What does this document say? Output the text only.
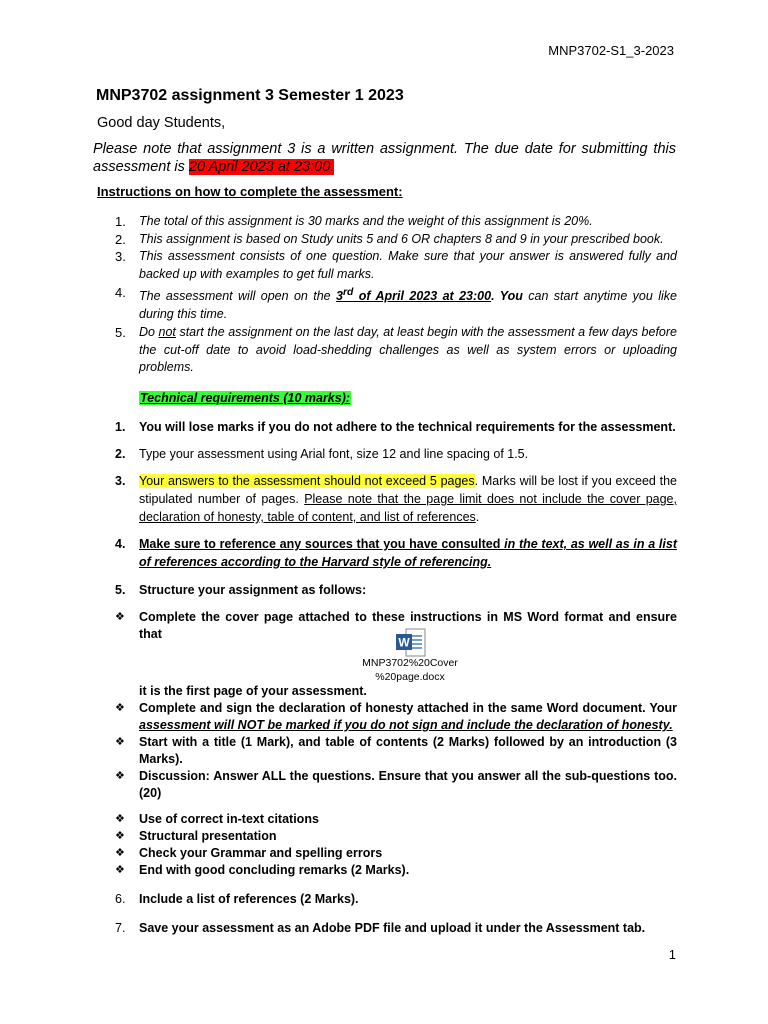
MNP3702-S1_3-2023
MNP3702 assignment 3 Semester 1 2023
Good day Students,
Please note that assignment 3 is a written assignment. The due date for submitting this assessment is 20 April 2023 at 23:00.
Instructions on how to complete the assessment:
1. The total of this assignment is 30 marks and the weight of this assignment is 20%.
2. This assignment is based on Study units 5 and 6 OR chapters 8 and 9 in your prescribed book.
3. This assessment consists of one question. Make sure that your answer is answered fully and backed up with examples to get full marks.
4. The assessment will open on the 3rd of April 2023 at 23:00. You can start anytime you like during this time.
5. Do not start the assignment on the last day, at least begin with the assessment a few days before the cut-off date to avoid load-shedding challenges as well as system errors or uploading problems.
Technical requirements (10 marks):
1. You will lose marks if you do not adhere to the technical requirements for the assessment.
2. Type your assessment using Arial font, size 12 and line spacing of 1.5.
3. Your answers to the assessment should not exceed 5 pages. Marks will be lost if you exceed the stipulated number of pages. Please note that the page limit does not include the cover page, declaration of honesty, table of content, and list of references.
4. Make sure to reference any sources that you have consulted in the text, as well as in a list of references according to the Harvard style of referencing.
5. Structure your assignment as follows:
❖ Complete the cover page attached to these instructions in MS Word format and ensure that
it is the first page of your assessment.
❖ Complete and sign the declaration of honesty attached in the same Word document. Your assessment will NOT be marked if you do not sign and include the declaration of honesty.
❖ Start with a title (1 Mark), and table of contents (2 Marks) followed by an introduction (3 Marks).
❖ Discussion: Answer ALL the questions. Ensure that you answer all the sub-questions too. (20)
❖ Use of correct in-text citations
❖ Structural presentation
❖ Check your Grammar and spelling errors
❖ End with good concluding remarks (2 Marks).
6. Include a list of references (2 Marks).
7. Save your assessment as an Adobe PDF file and upload it under the Assessment tab.
W
MNP3702%20Cover
%20page.docx
1
